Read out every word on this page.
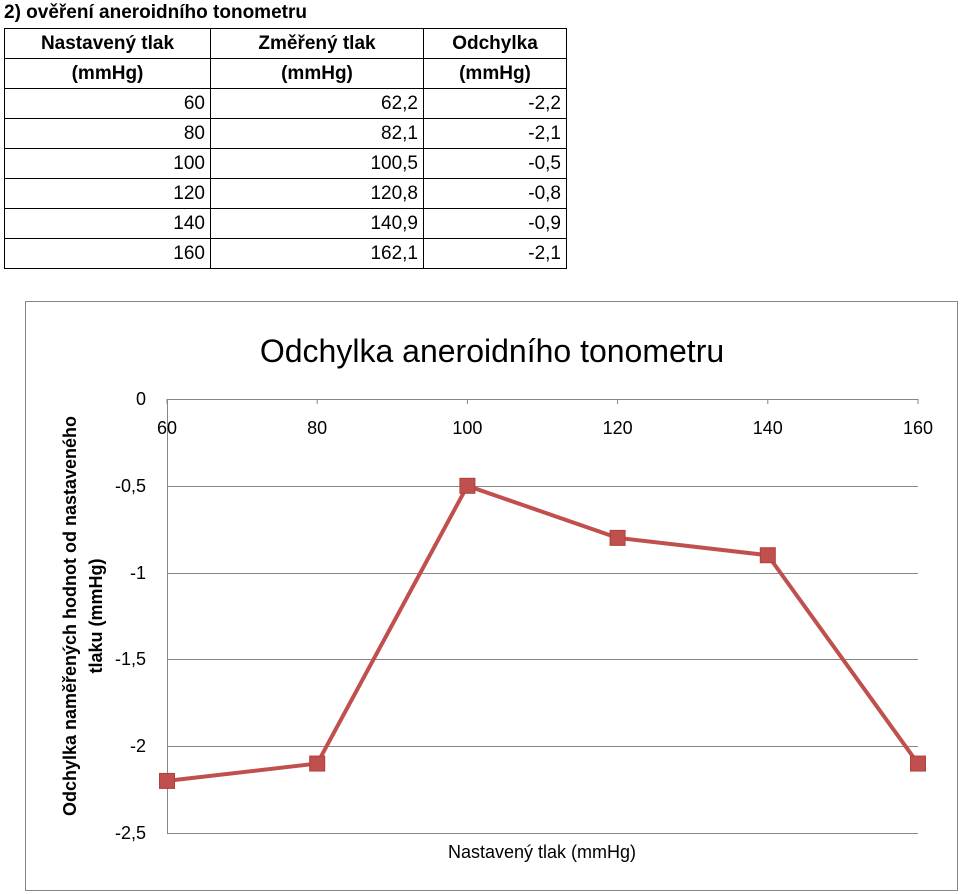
2) ověření aneroidního tonometru
Nastavený tlak	Změřený tlak	Odchylka
(mmHg)	(mmHg)	(mmHg)
60	62,2	-2,2
80	82,1	-2,1
100	100,5	-0,5
120	120,8	-0,8
140	140,9	-0,9
160	162,1	-2,1
Odchylka aneroidního tonometru
0
-0,5
-1
-1,5
-2
-2,5
60	80	100	120	140	160
Nastavený tlak (mmHg)
Odchylka naměřených hodnot od nastaveného tlaku (mmHg)
